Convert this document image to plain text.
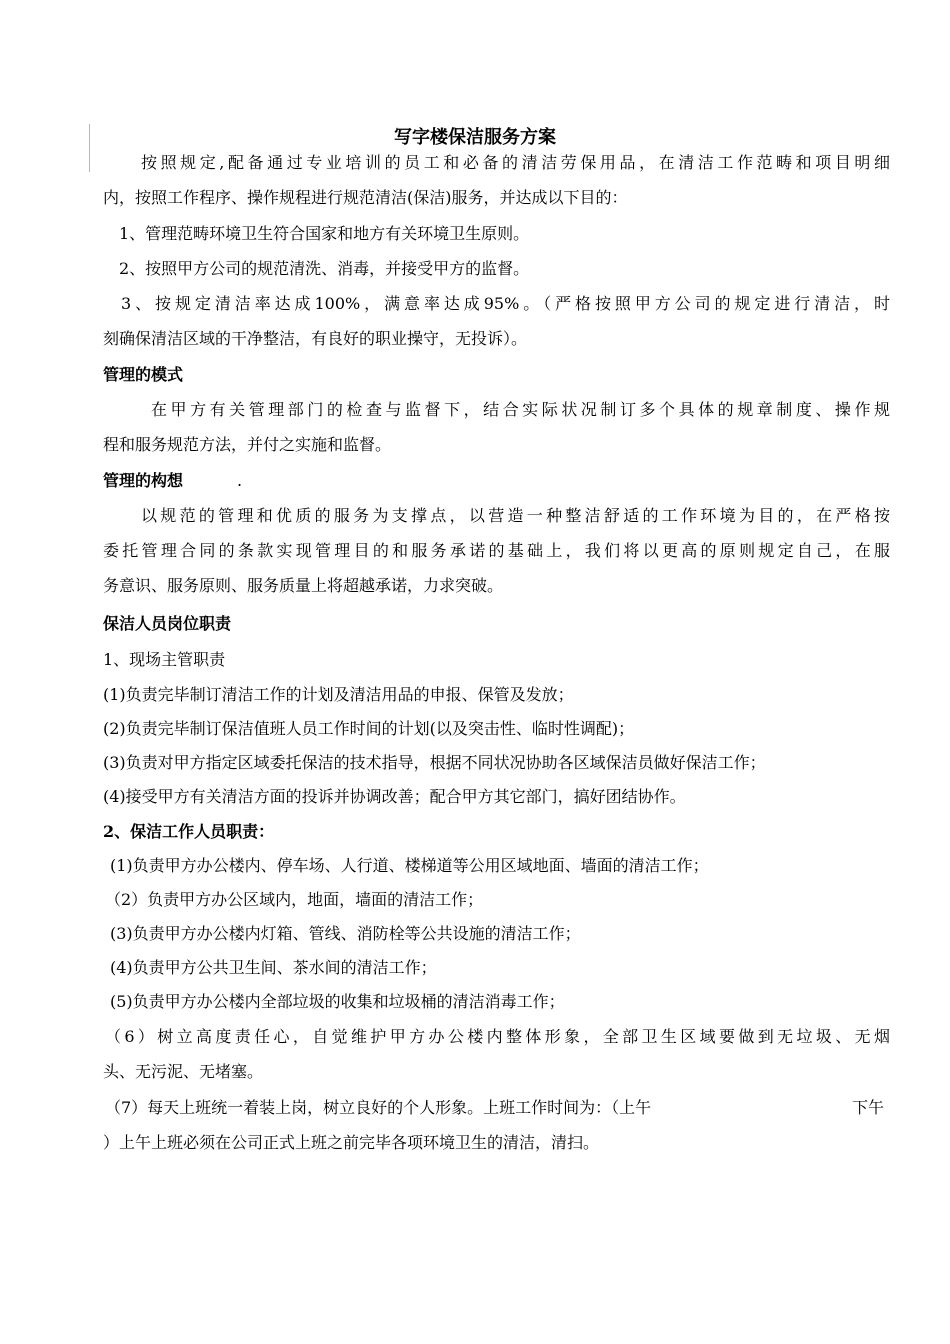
写字楼保洁服务方案
按照规定,配备通过专业培训的员工和必备的清洁劳保用品，在清洁工作范畴和项目明细
内，按照工作程序、操作规程进行规范清洁(保洁)服务，并达成以下目的：
1、管理范畴环境卫生符合国家和地方有关环境卫生原则。
2、按照甲方公司的规范清洗、消毒，并接受甲方的监督。
3、按规定清洁率达成100%，满意率达成95%。（严格按照甲方公司的规定进行清洁，时
刻确保清洁区域的干净整洁，有良好的职业操守，无投诉）。
管理的模式
在甲方有关管理部门的检查与监督下，结合实际状况制订多个具体的规章制度、操作规
程和服务规范方法，并付之实施和监督。
管理的构想	.
以规范的管理和优质的服务为支撑点，以营造一种整洁舒适的工作环境为目的，在严格按
委托管理合同的条款实现管理目的和服务承诺的基础上，我们将以更高的原则规定自己，在服
务意识、服务原则、服务质量上将超越承诺，力求突破。
保洁人员岗位职责
1、现场主管职责
(1)负责完毕制订清洁工作的计划及清洁用品的申报、保管及发放；
(2)负责完毕制订保洁值班人员工作时间的计划(以及突击性、临时性调配)；
(3)负责对甲方指定区域委托保洁的技术指导，根据不同状况协助各区域保洁员做好保洁工作；
(4)接受甲方有关清洁方面的投诉并协调改善；配合甲方其它部门，搞好团结协作。
2、保洁工作人员职责：
(1)负责甲方办公楼内、停车场、人行道、楼梯道等公用区域地面、墙面的清洁工作；
（2）负责甲方办公区域内，地面，墙面的清洁工作；
(3)负责甲方办公楼内灯箱、管线、消防栓等公共设施的清洁工作；
(4)负责甲方公共卫生间、茶水间的清洁工作；
(5)负责甲方办公楼内全部垃圾的收集和垃圾桶的清洁消毒工作；
（6）树立高度责任心，自觉维护甲方办公楼内整体形象，全部卫生区域要做到无垃圾、无烟
头、无污泥、无堵塞。
（7）每天上班统一着装上岗，树立良好的个人形象。上班工作时间为：（上午	下午
）上午上班必须在公司正式上班之前完毕各项环境卫生的清洁，清扫。
